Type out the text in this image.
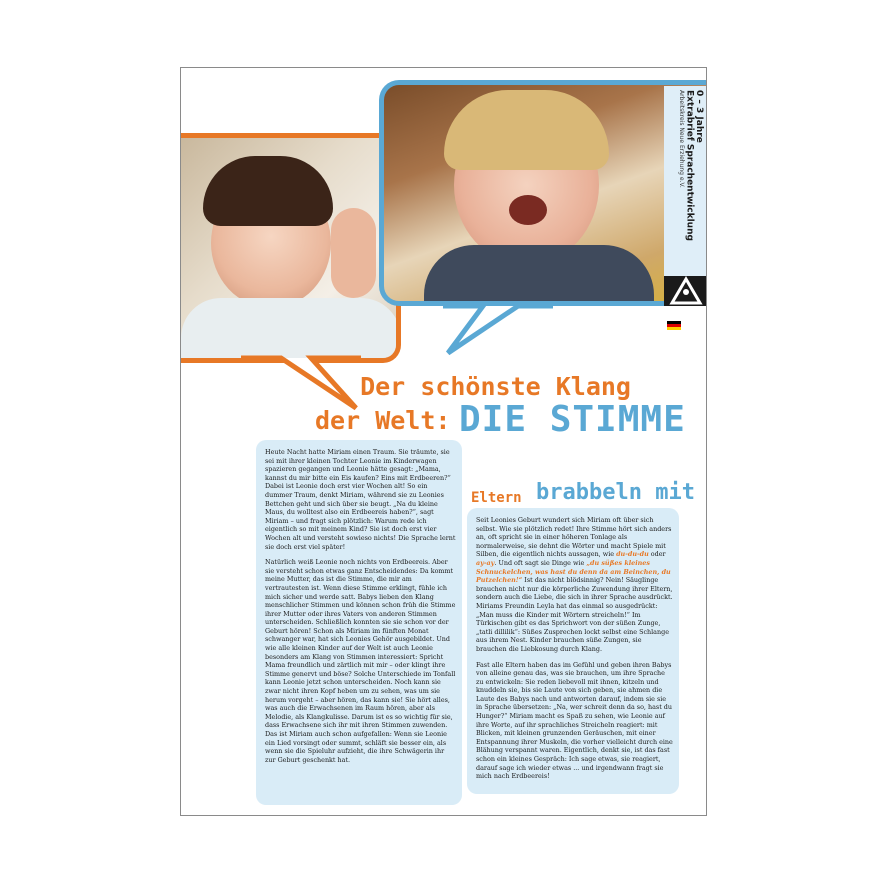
0 – 3 Jahre
Extrabrief Sprachentwicklung
Arbeitskreis Neue Erziehung e.V.
Der schönste Klang
der Welt: DIE STIMME

Heute Nacht hatte Miriam einen Traum. Sie träumte, sie sei mit ihrer kleinen Tochter Leonie im Kinderwagen spazieren gegangen und Leonie hätte gesagt: „Mama, kannst du mir bitte ein Eis kaufen? Eins mit Erdbeeren?“ Dabei ist Leonie doch erst vier Wochen alt! So ein dummer Traum, denkt Miriam, während sie zu Leonies Bettchen geht und sich über sie beugt. „Na du kleine Maus, du wolltest also ein Erdbeereis haben?“, sagt Miriam – und fragt sich plötzlich: Warum rede ich eigentlich so mit meinem Kind? Sie ist doch erst vier Wochen alt und versteht sowieso nichts! Die Sprache lernt sie doch erst viel später!

Natürlich weiß Leonie noch nichts von Erdbeereis. Aber sie versteht schon etwas ganz Entscheidendes: Da kommt meine Mutter, das ist die Stimme, die mir am vertrautesten ist. Wenn diese Stimme erklingt, fühle ich mich sicher und werde satt. Babys lieben den Klang menschlicher Stimmen und können schon früh die Stimme ihrer Mutter oder ihres Vaters von anderen Stimmen unterscheiden. Schließlich konnten sie sie schon vor der Geburt hören! Schon als Miriam im fünften Monat schwanger war, hat sich Leonies Gehör ausgebildet. Und wie alle kleinen Kinder auf der Welt ist auch Leonie besonders am Klang von Stimmen interessiert: Spricht Mama freundlich und zärtlich mit mir – oder klingt ihre Stimme genervt und böse? Solche Unterschiede im Tonfall kann Leonie jetzt schon unterscheiden. Noch kann sie zwar nicht ihren Kopf heben um zu sehen, was um sie herum vorgeht – aber hören, das kann sie! Sie hört alles, was auch die Erwachsenen im Raum hören, aber als Melodie, als Klangkulisse. Darum ist es so wichtig für sie, dass Erwachsene sich ihr mit ihren Stimmen zuwenden. Das ist Miriam auch schon aufgefallen: Wenn sie Leonie ein Lied vorsingt oder summt, schläft sie besser ein, als wenn sie die Spieluhr aufzieht, die ihre Schwägerin ihr zur Geburt geschenkt hat.

Eltern brabbeln mit

Seit Leonies Geburt wundert sich Miriam oft über sich selbst. Wie sie plötzlich redet! Ihre Stimme hört sich anders an, oft spricht sie in einer höheren Tonlage als normalerweise, sie dehnt die Wörter und macht Spiele mit Silben, die eigentlich nichts aussagen, wie du-du-du oder ay-ay. Und oft sagt sie Dinge wie „du süßes kleines Schnuckelchen, was hast du denn da am Beinchen, du Putzelchen!“ Ist das nicht blödsinnig? Nein! Säuglinge brauchen nicht nur die körperliche Zuwendung ihrer Eltern, sondern auch die Liebe, die sich in ihrer Sprache ausdrückt. Miriams Freundin Leyla hat das einmal so ausgedrückt: „Man muss die Kinder mit Wörtern streicheln!“ Im Türkischen gibt es das Sprichwort von der süßen Zunge, „tatli dillilik“: Süßes Zusprechen lockt selbst eine Schlange aus ihrem Nest. Kinder brauchen süße Zungen, sie brauchen die Liebkosung durch Klang.

Fast alle Eltern haben das im Gefühl und geben ihren Babys von alleine genau das, was sie brauchen, um ihre Sprache zu entwickeln: Sie reden liebevoll mit ihnen, kitzeln und knuddeln sie, bis sie Laute von sich geben, sie ahmen die Laute des Babys nach und antworten darauf, indem sie sie in Sprache übersetzen: „Na, wer schreit denn da so, hast du Hunger?“ Miriam macht es Spaß zu sehen, wie Leonie auf ihre Worte, auf ihr sprachliches Streicheln reagiert: mit Blicken, mit kleinen grunzenden Geräuschen, mit einer Entspannung ihrer Muskeln, die vorher vielleicht durch eine Blähung verspannt waren. Eigentlich, denkt sie, ist das fast schon ein kleines Gespräch: Ich sage etwas, sie reagiert, darauf sage ich wieder etwas ... und irgendwann fragt sie mich nach Erdbeereis!
